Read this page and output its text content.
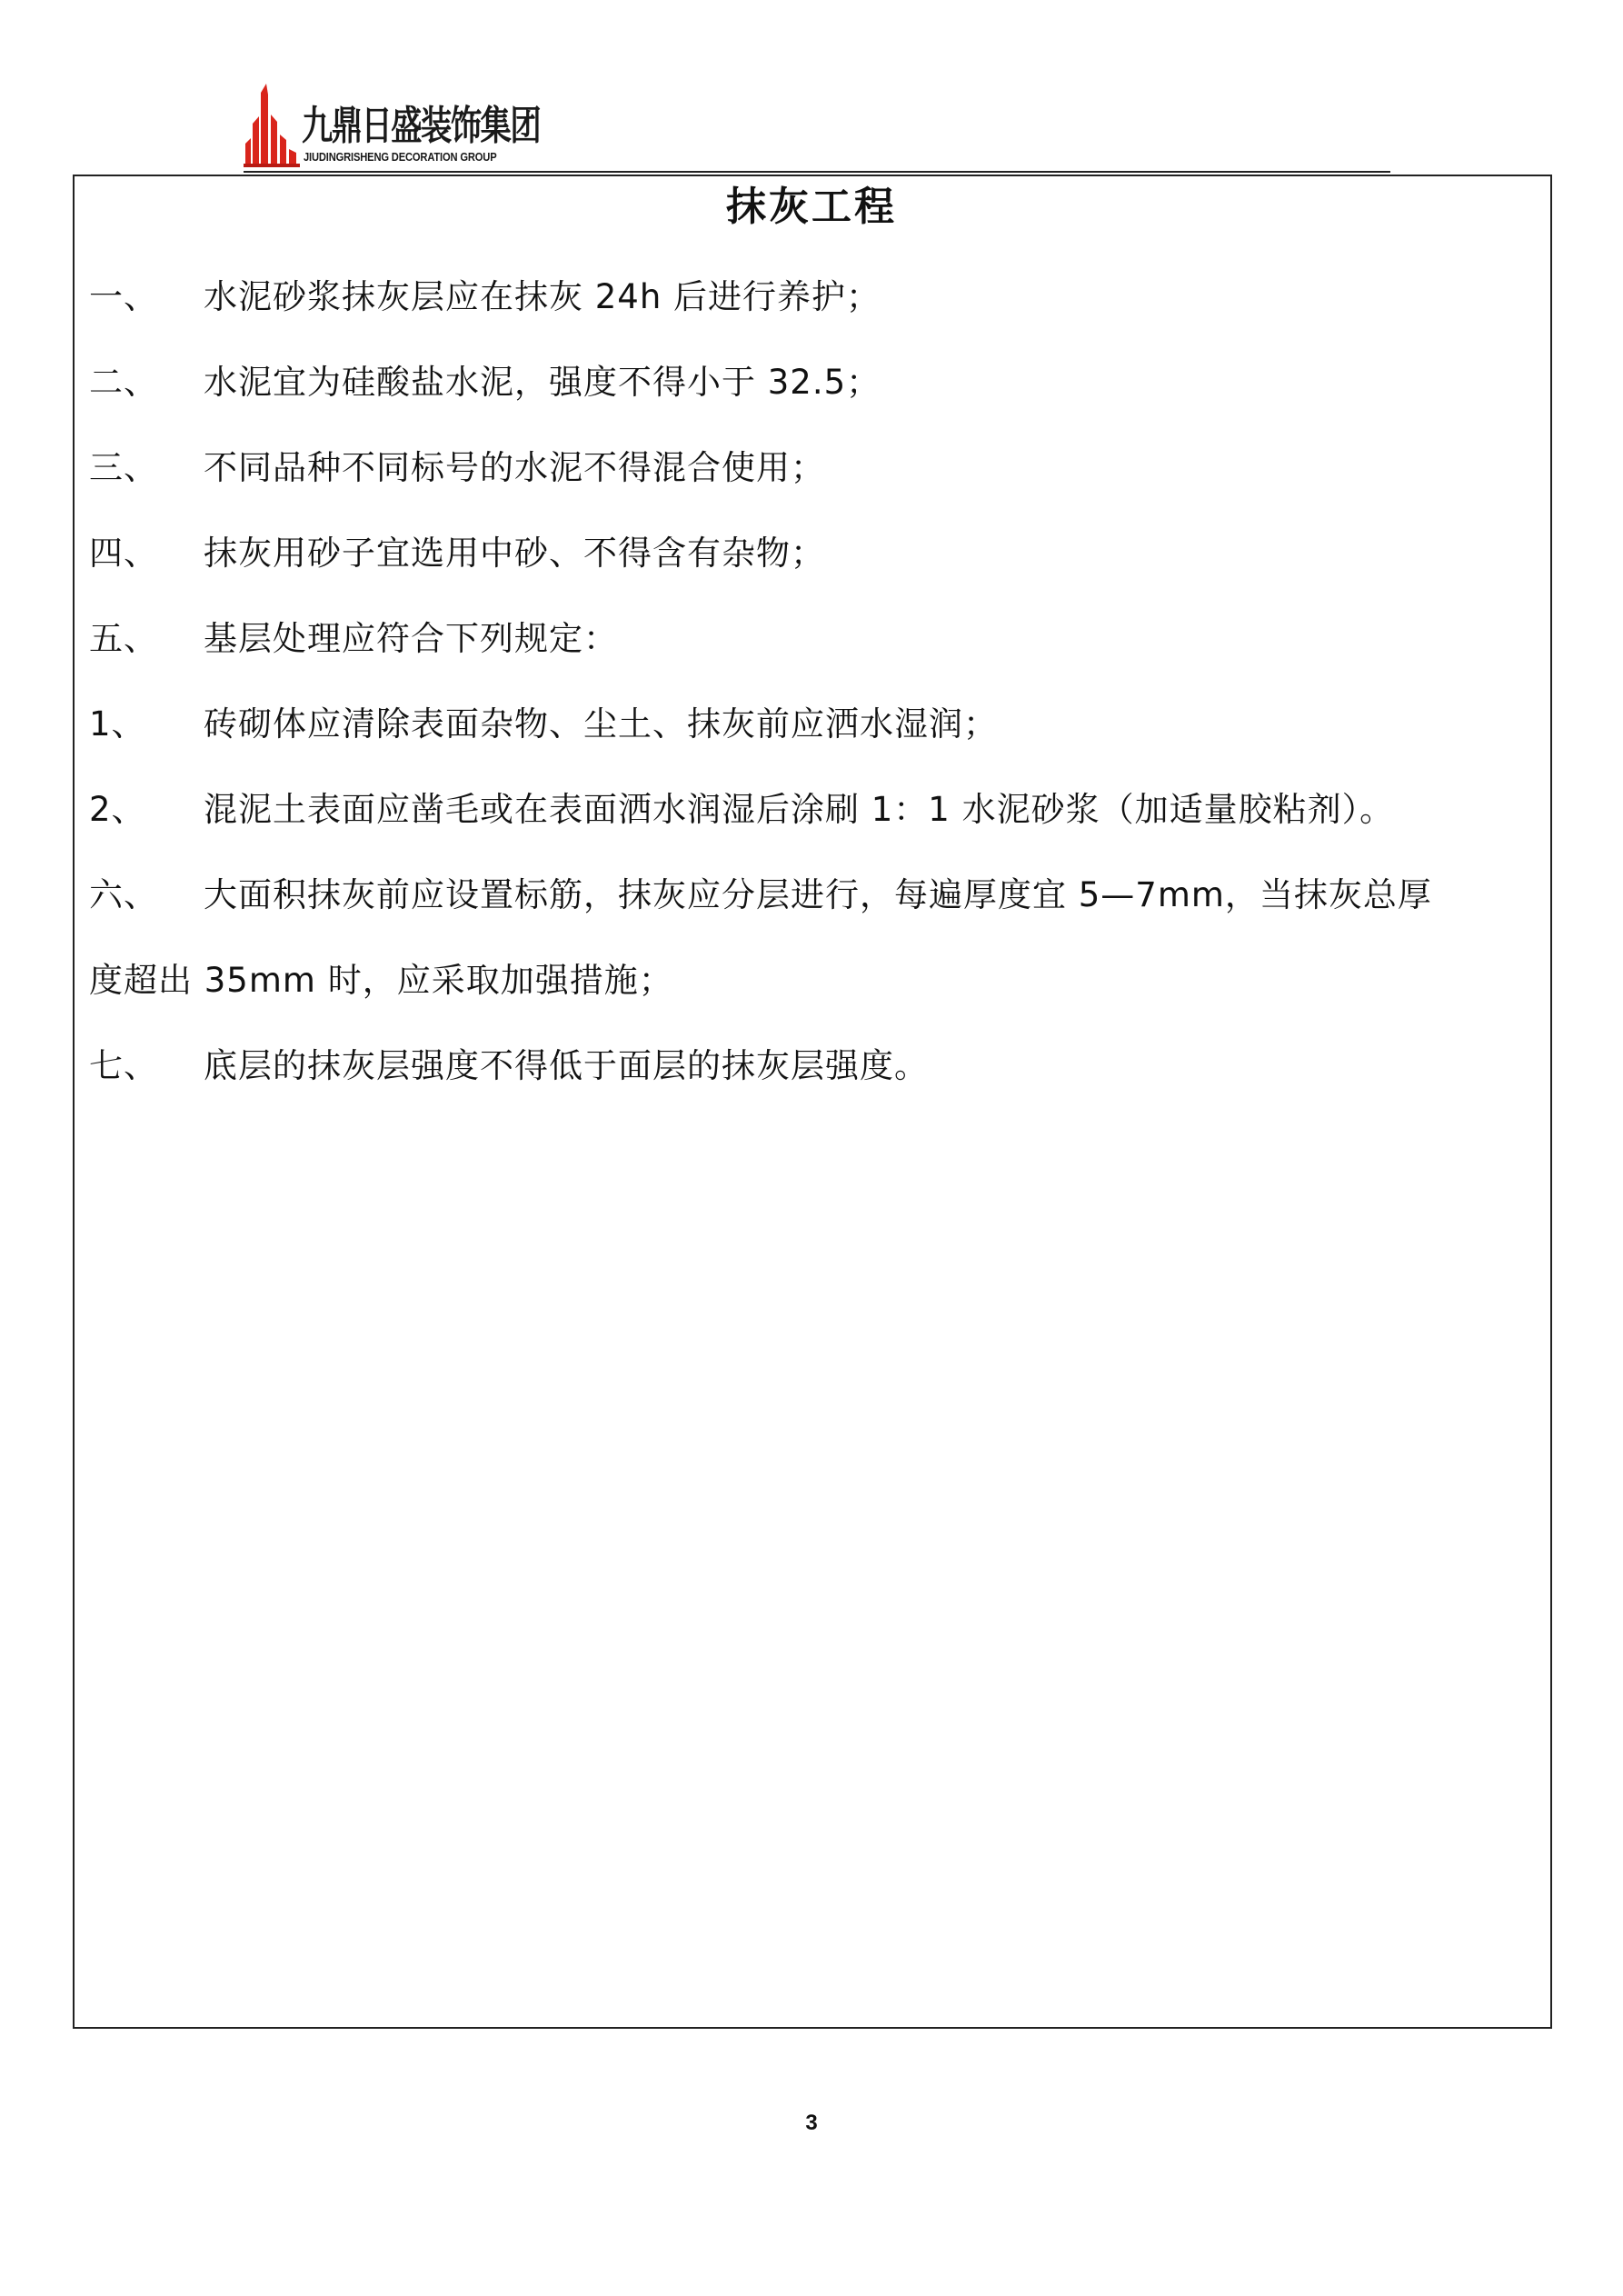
九鼎日盛装饰集团
JIUDINGRISHENG DECORATION GROUP
抹灰工程
一、 水泥砂浆抹灰层应在抹灰 24h 后进行养护；
二、 水泥宜为硅酸盐水泥，强度不得小于 32.5；
三、 不同品种不同标号的水泥不得混合使用；
四、 抹灰用砂子宜选用中砂、不得含有杂物；
五、 基层处理应符合下列规定：
1、 砖砌体应清除表面杂物、尘土、抹灰前应洒水湿润；
2、 混泥土表面应凿毛或在表面洒水润湿后涂刷 1：1 水泥砂浆（加适量胶粘剂）。
六、 大面积抹灰前应设置标筋，抹灰应分层进行，每遍厚度宜 5—7mm，当抹灰总厚
度超出 35mm 时，应采取加强措施；
七、 底层的抹灰层强度不得低于面层的抹灰层强度。
3
